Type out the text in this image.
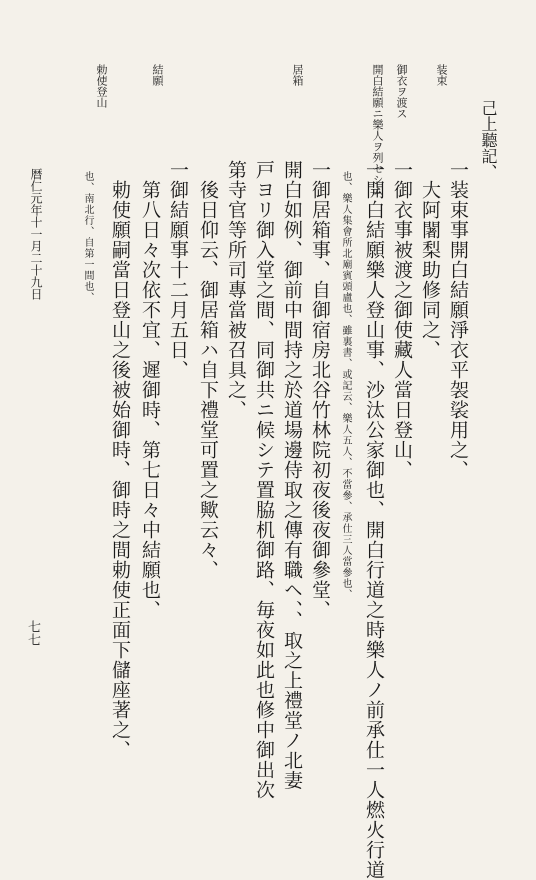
己上聽記、
装束
御衣ヲ渡ス
開白結願ニ樂人ヲ列セシム
居箱
結願
勅使登山
一装束事開白結願淨衣平袈裟用之、
　大阿闍梨助修同之、
一御衣事被渡之御使藏人當日登山、
一開白結願樂人登山事、沙汰公家御也、開白行道之時樂人ノ前承仕一人燃火行道
　也、樂人集會所北廟賓頭盧也、雖裏書、或記云、樂人五人、不當參、承仕三人當參也、
一御居箱事、自御宿房北谷竹林院初夜後夜御參堂、
開白如例、御前中間持之於道場邊侍取之傳有職ヘ、、取之上禮堂ノ北妻
戸ヨリ御入堂之間、同御共ニ候シテ置脇机御路、毎夜如此也修中御出次
第寺官等所司專當被召具之、
　後日仰云、御居箱ハ自下禮堂可置之歟云々、
一御結願事十二月五日、
　第八日々次依不宜、遲御時、第七日々中結願也、
　勅使願嗣當日登山之後被始御時、御時之間勅使正面下儲座著之、
　也、南北行、自第一間也、
暦仁元年十一月二十九日
七七
